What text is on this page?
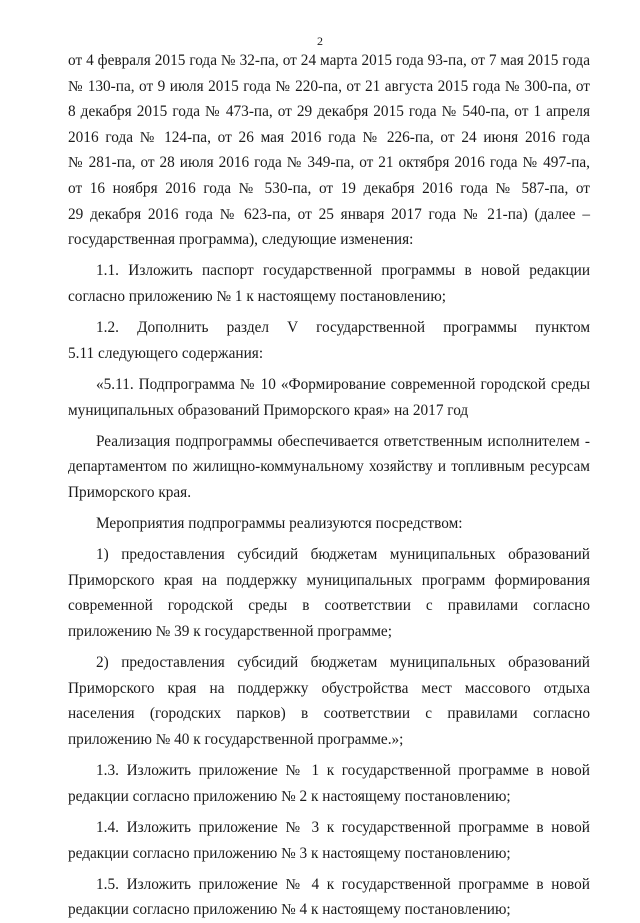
2
от 4 февраля 2015 года № 32-па, от 24 марта 2015 года 93-па, от 7 мая 2015 года
№ 130-па, от 9 июля 2015 года № 220-па, от 21 августа 2015 года № 300-па, от
8 декабря 2015 года № 473-па, от 29 декабря 2015 года № 540-па, от 1 апреля
2016 года № 124-па, от 26 мая 2016 года № 226-па, от 24 июня 2016 года
№ 281-па, от 28 июля 2016 года № 349-па, от 21 октября 2016 года № 497-па,
от 16 ноября 2016 года № 530-па, от 19 декабря 2016 года № 587-па, от
29 декабря 2016 года № 623-па, от 25 января 2017 года № 21-па) (далее –
государственная программа), следующие изменения:
1.1. Изложить паспорт государственной программы в новой редакции
согласно приложению № 1 к настоящему постановлению;
1.2. Дополнить раздел V государственной программы пунктом
5.11 следующего содержания:
«5.11. Подпрограмма № 10 «Формирование современной городской среды
муниципальных образований Приморского края» на 2017 год
Реализация подпрограммы обеспечивается ответственным исполнителем -
департаментом по жилищно-коммунальному хозяйству и топливным ресурсам
Приморского края.
Мероприятия подпрограммы реализуются посредством:
1) предоставления субсидий бюджетам муниципальных образований
Приморского края на поддержку муниципальных программ формирования
современной городской среды в соответствии с правилами согласно
приложению № 39 к государственной программе;
2) предоставления субсидий бюджетам муниципальных образований
Приморского края на поддержку обустройства мест массового отдыха
населения (городских парков) в соответствии с правилами согласно
приложению № 40 к государственной программе.»;
1.3. Изложить приложение № 1 к государственной программе в новой
редакции согласно приложению № 2 к настоящему постановлению;
1.4. Изложить приложение № 3 к государственной программе в новой
редакции согласно приложению № 3 к настоящему постановлению;
1.5. Изложить приложение № 4 к государственной программе в новой
редакции согласно приложению № 4 к настоящему постановлению;
